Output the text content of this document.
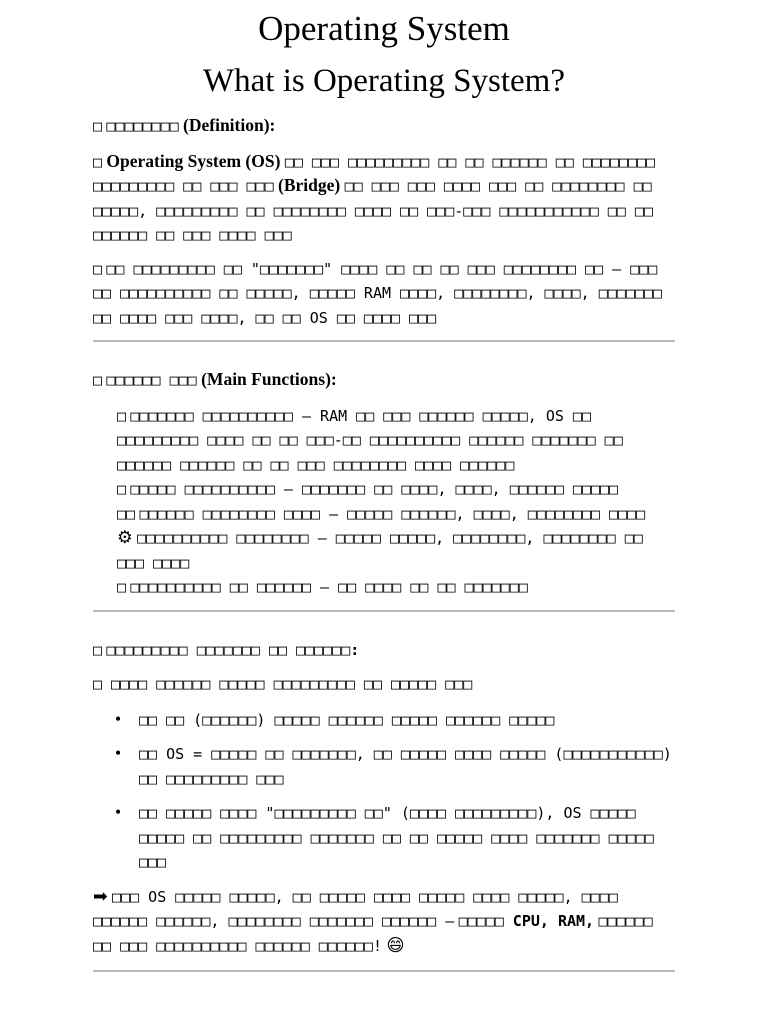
Operating System
What is Operating System?

□ □□□□□□□□ (Definition):

□ Operating System (OS) □□ □□□ □□□□□□□□□ □□ □□ □□□□□□ □□ □□□□□□□□ □□□□□□□□□ □□ □□□ □□□ (Bridge) □□ □□□ □□□ □□□□ □□□ □□ □□□□□□□□ □□ □□□□□, □□□□□□□□□ □□ □□□□□□□□ □□□□ □□ □□□-□□□ □□□□□□□□□□□ □□ □□ □□□□□□ □□ □□□ □□□□ □□□

□ □□ □□□□□□□□□ □□ "□□□□□□□" □□□□ □□ □□ □□ □□□ □□□□□□□□ □□ — □□□ □□ □□□□□□□□□□ □□ □□□□□, □□□□□ RAM □□□□, □□□□□□□□, □□□□, □□□□□□□ □□ □□□□ □□□ □□□□, □□ □□ OS □□ □□□□ □□□

□ □□□□□□ □□□ (Main Functions):

□ □□□□□□□ □□□□□□□□□□ – RAM □□ □□□ □□□□□□ □□□□□, OS □□ □□□□□□□□□ □□□□ □□ □□ □□□-□□ □□□□□□□□□□ □□□□□□ □□□□□□□ □□ □□□□□□ □□□□□□ □□ □□ □□□ □□□□□□□□ □□□□ □□□□□□
□ □□□□□ □□□□□□□□□□ – □□□□□□□ □□ □□□□, □□□□, □□□□□□ □□□□□
□□ □□□□□□ □□□□□□□□ □□□□ – □□□□□ □□□□□□, □□□□, □□□□□□□□ □□□□
⚙ □□□□□□□□□□ □□□□□□□□ – □□□□□ □□□□□, □□□□□□□□, □□□□□□□□ □□ □□□ □□□□
□ □□□□□□□□□□ □□ □□□□□□ – □□ □□□□ □□ □□ □□□□□□□

□ □□□□□□□□□ □□□□□□□ □□ □□□□□□:

□ □□□□ □□□□□□ □□□□□ □□□□□□□□□ □□ □□□□□ □□□

• □□ □□ (□□□□□□) □□□□□ □□□□□□ □□□□□ □□□□□□ □□□□□
• □□ OS = □□□□□ □□ □□□□□□□, □□ □□□□□ □□□□ □□□□□ (□□□□□□□□□□□) □□ □□□□□□□□□ □□□
• □□ □□□□□ □□□□ "□□□□□□□□□ □□" (□□□□ □□□□□□□□□), OS □□□□□ □□□□□ □□ □□□□□□□□□ □□□□□□□ □□ □□ □□□□□ □□□□ □□□□□□□ □□□□□ □□□

➡ □□□ OS □□□□□ □□□□□, □□ □□□□□ □□□□ □□□□□ □□□□ □□□□□, □□□□ □□□□□□ □□□□□□, □□□□□□□□ □□□□□□□ □□□□□□ — □□□□□ CPU, RAM, □□□□□□ □□ □□□ □□□□□□□□□□ □□□□□□ □□□□□□! 😄
